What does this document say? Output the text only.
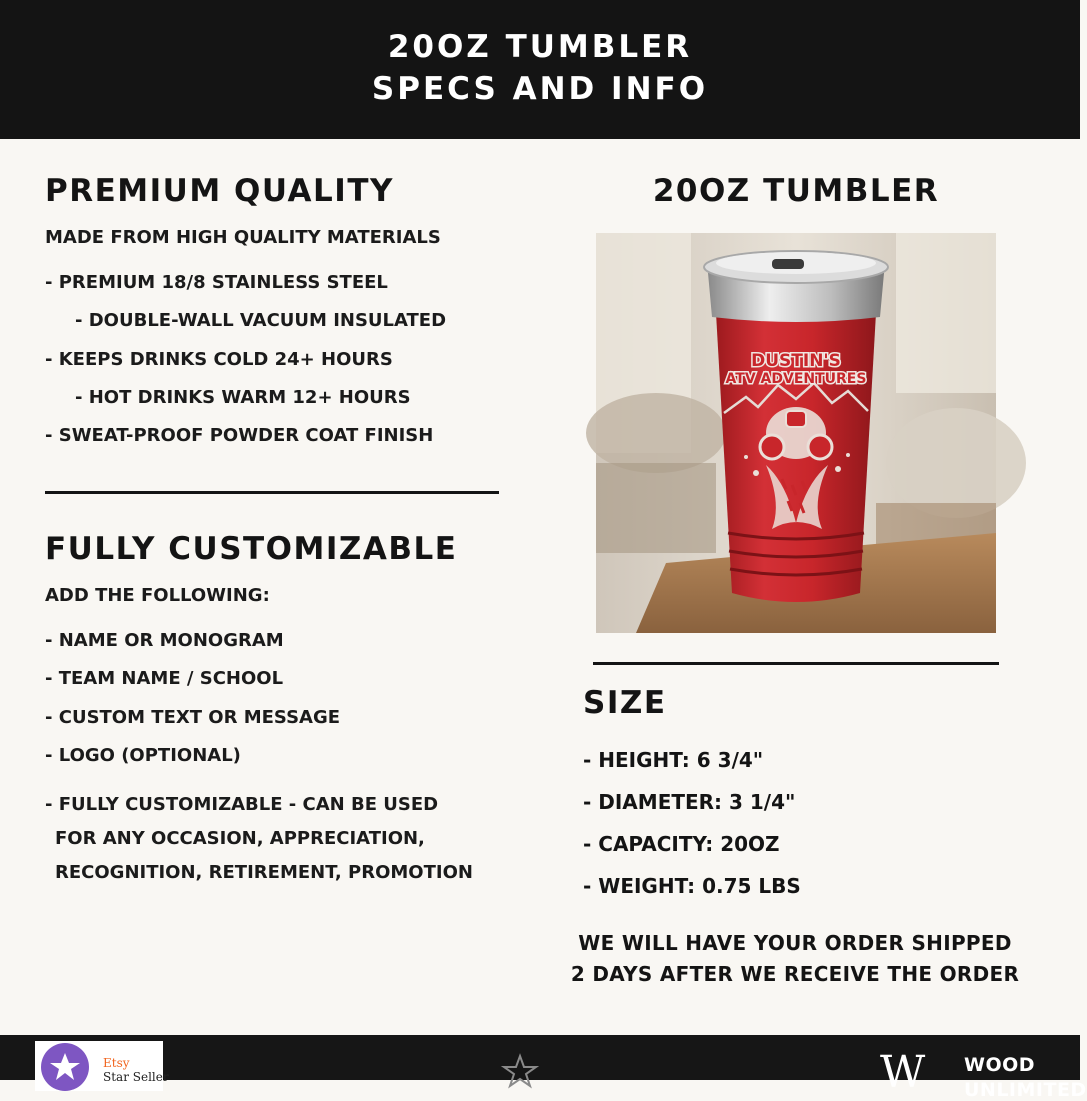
20OZ TUMBLER
SPECS AND INFO
PREMIUM QUALITY
MADE FROM HIGH QUALITY MATERIALS
- PREMIUM 18/8 STAINLESS STEEL
- DOUBLE-WALL VACUUM INSULATED
- KEEPS DRINKS COLD 24+ HOURS
- HOT DRINKS WARM 12+ HOURS
- SWEAT-PROOF POWDER COAT FINISH
FULLY CUSTOMIZABLE
ADD THE FOLLOWING:
- NAME OR MONOGRAM
- TEAM NAME / SCHOOL
- CUSTOM TEXT OR MESSAGE
- LOGO (OPTIONAL)
- FULLY CUSTOMIZABLE - CAN BE USED
FOR ANY OCCASION, APPRECIATION,
RECOGNITION, RETIREMENT, PROMOTION
20OZ TUMBLER
DUSTIN'S
ATV ADVENTURES
SIZE
- HEIGHT: 6 3/4"
- DIAMETER: 3 1/4"
- CAPACITY: 20OZ
- WEIGHT: 0.75 LBS
WE WILL HAVE YOUR ORDER SHIPPED
2 DAYS AFTER WE RECEIVE THE ORDER
Etsy
Star Seller	W WOOD
UNLIMITED
